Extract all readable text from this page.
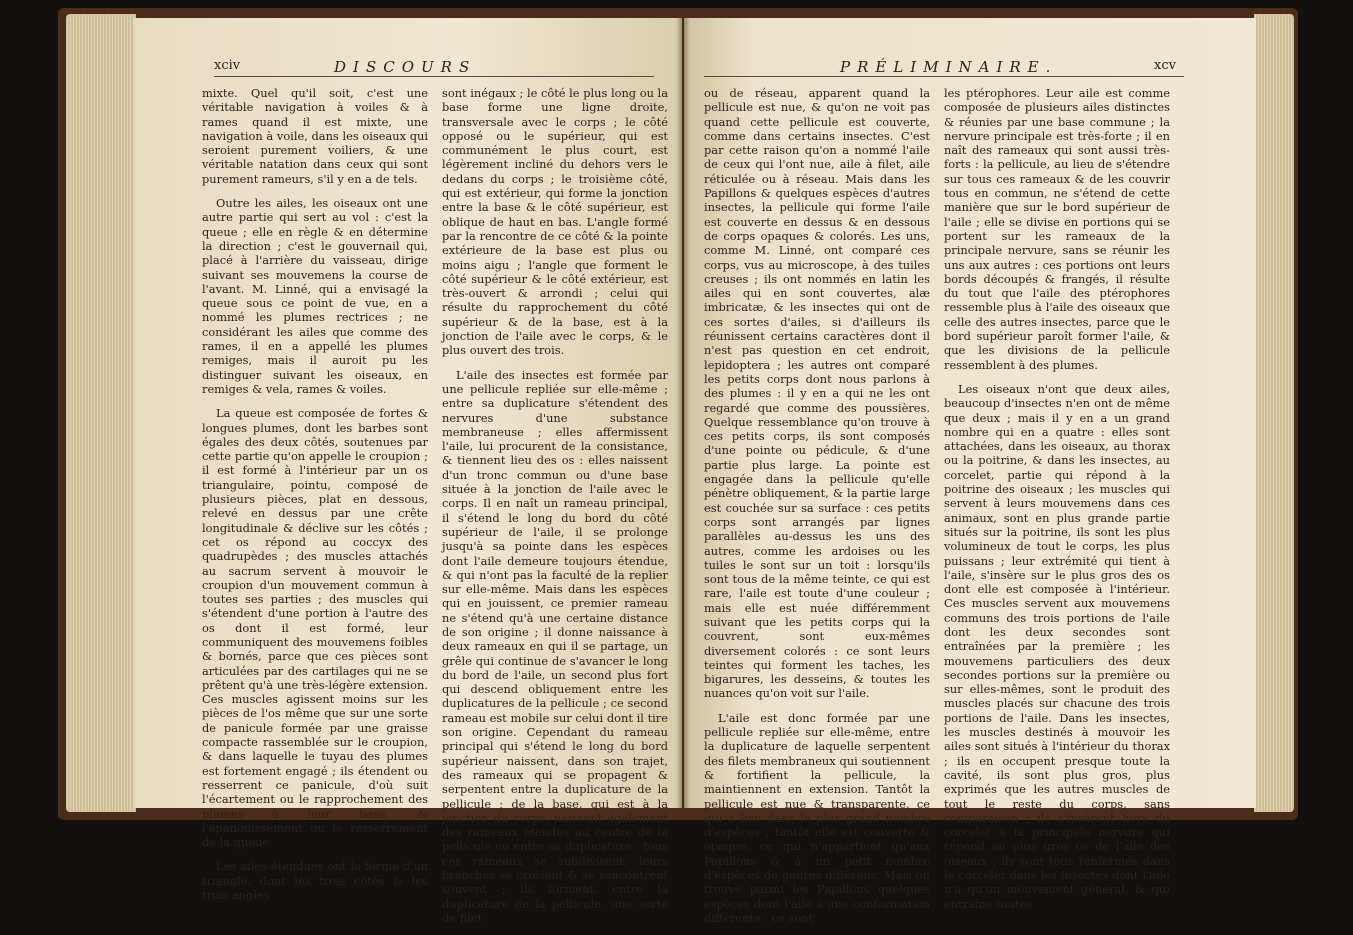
xciv	DISCOURS

mixte. Quel qu'il soit, c'est une véritable navigation à voiles & à rames quand il est mixte, une navigation à voile, dans les oiseaux qui seroient purement voiliers, & une véritable natation dans ceux qui sont purement rameurs, s'il y en a de tels.

Outre les ailes, les oiseaux ont une autre partie qui sert au vol : c'est la queue ; elle en règle & en détermine la direction ; c'est le gouvernail qui, placé à l'arrière du vaisseau, dirige suivant ses mouvemens la course de l'avant. M. Linné, qui a envisagé la queue sous ce point de vue, en a nommé les plumes rectrices ; ne considérant les ailes que comme des rames, il en a appellé les plumes remiges, mais il auroit pu les distinguer suivant les oiseaux, en remiges & vela, rames & voiles.

La queue est composée de fortes & longues plumes, dont les barbes sont égales des deux côtés, soutenues par cette partie qu'on appelle le croupion ; il est formé à l'intérieur par un os triangulaire, pointu, composé de plusieurs pièces, plat en dessous, relevé en dessus par une crête longitudinale & déclive sur les côtés ; cet os répond au coccyx des quadrupèdes ; des muscles attachés au sacrum servent à mouvoir le croupion d'un mouvement commun à toutes ses parties ; des muscles qui s'étendent d'une portion à l'autre des os dont il est formé, leur communiquent des mouvemens foibles & bornés, parce que ces pièces sont articulées par des cartilages qui ne se prêtent qu'à une très-légère extension. Ces muscles agissent moins sur les pièces de l'os même que sur une sorte de panicule formée par une graisse compacte rassemblée sur le croupion, & dans laquelle le tuyau des plumes est fortement engagé ; ils étendent ou resserrent ce panicule, d'où suit l'écartement ou le rapprochement des plumes à leur base, & l'épanouissement ou le resserrement de la queue.

Les ailes étendues ont la forme d'un triangle, dont les trois côtés & les trois angles

sont inégaux ; le côté le plus long ou la base forme une ligne droite, transversale avec le corps ; le côté opposé ou le supérieur, qui est communément le plus court, est légèrement incliné du dehors vers le dedans du corps ; le troisième côté, qui est extérieur, qui forme la jonction entre la base & le côté supérieur, est oblique de haut en bas. L'angle formé par la rencontre de ce côté & la pointe extérieure de la base est plus ou moins aigu ; l'angle que forment le côté supérieur & le côté extérieur, est très-ouvert & arrondi ; celui qui résulte du rapprochement du côté supérieur & de la base, est à la jonction de l'aile avec le corps, & le plus ouvert des trois.

L'aile des insectes est formée par une pellicule repliée sur elle-même ; entre sa duplicature s'étendent des nervures d'une substance membraneuse ; elles affermissent l'aile, lui procurent de la consistance, & tiennent lieu des os : elles naissent d'un tronc commun ou d'une base située à la jonction de l'aile avec le corps. Il en naît un rameau principal, il s'étend le long du bord du côté supérieur de l'aile, il se prolonge jusqu'à sa pointe dans les espèces dont l'aile demeure toujours étendue, & qui n'ont pas la faculté de la replier sur elle-même. Mais dans les espèces qui en jouissent, ce premier rameau ne s'étend qu'à une certaine distance de son origine ; il donne naissance à deux rameaux en qui il se partage, un grêle qui continue de s'avancer le long du bord de l'aile, un second plus fort qui descend obliquement entre les duplicatures de la pellicule ; ce second rameau est mobile sur celui dont il tire son origine. Cependant du rameau principal qui s'étend le long du bord supérieur naissent, dans son trajet, des rameaux qui se propagent & serpentent entre la duplicature de la pellicule ; de la base, qui est à la jonction du corps, naissent également des rameaux étendus au centre de la pellicule ou entre sa duplicature ; tous ces rameaux se subdivisent, leurs branches se croisent & se rencontrent souvent ; ils forment, entre la duplicature de la pellicule, une sorte de filet

PRÉLIMINAIRE.	xcv

ou de réseau, apparent quand la pellicule est nue, & qu'on ne voit pas quand cette pellicule est couverte, comme dans certains insectes. C'est par cette raison qu'on a nommé l'aile de ceux qui l'ont nue, aile à filet, aile réticulée ou à réseau. Mais dans les Papillons & quelques espèces d'autres insectes, la pellicule qui forme l'aile est couverte en dessus & en dessous de corps opaques & colorés. Les uns, comme M. Linné, ont comparé ces corps, vus au microscope, à des tuiles creuses ; ils ont nommés en latin les ailes qui en sont couvertes, alæ imbricatæ, & les insectes qui ont de ces sortes d'ailes, si d'ailleurs ils réunissent certains caractères dont il n'est pas question en cet endroit, lepidoptera ; les autres ont comparé les petits corps dont nous parlons à des plumes : il y en a qui ne les ont regardé que comme des poussières. Quelque ressemblance qu'on trouve à ces petits corps, ils sont composés d'une pointe ou pédicule, & d'une partie plus large. La pointe est engagée dans la pellicule qu'elle pénètre obliquement, & la partie large est couchée sur sa surface : ces petits corps sont arrangés par lignes parallèles au-dessus les uns des autres, comme les ardoises ou les tuiles le sont sur un toit : lorsqu'ils sont tous de la même teinte, ce qui est rare, l'aile est toute d'une couleur ; mais elle est nuée différemment suivant que les petits corps qui la couvrent, sont eux-mêmes diversement colorés : ce sont leurs teintes qui forment les taches, les bigarures, les desseins, & toutes les nuances qu'on voit sur l'aile.

L'aile est donc formée par une pellicule repliée sur elle-même, entre la duplicature de laquelle serpentent des filets membraneux qui soutiennent & fortifient la pellicule, la maintiennent en extension. Tantôt la pellicule est nue & transparente, ce qui a lieu dans le plus grand nombre d'espèces ; tantôt elle est couverte & opaque, ce qui n'appartient qu'aux Papillons & à un petit nombre d'espèces de genres différens. Mais on trouve parmi les Papillons quelques espèces dont l'aile a une conformation différente ; ce sont

les ptérophores. Leur aile est comme composée de plusieurs ailes distinctes & réunies par une base commune ; la nervure principale est très-forte ; il en naît des rameaux qui sont aussi très-forts : la pellicule, au lieu de s'étendre sur tous ces rameaux & de les couvrir tous en commun, ne s'étend de cette manière que sur le bord supérieur de l'aile ; elle se divise en portions qui se portent sur les rameaux de la principale nervure, sans se réunir les uns aux autres : ces portions ont leurs bords découpés & frangés, il résulte du tout que l'aile des ptérophores ressemble plus à l'aile des oiseaux que celle des autres insectes, parce que le bord supérieur paroît former l'aile, & que les divisions de la pellicule ressemblent à des plumes.

Les oiseaux n'ont que deux ailes, beaucoup d'insectes n'en ont de même que deux ; mais il y en a un grand nombre qui en a quatre : elles sont attachées, dans les oiseaux, au thorax ou la poitrine, & dans les insectes, au corcelet, partie qui répond à la poitrine des oiseaux ; les muscles qui servent à leurs mouvemens dans ces animaux, sont en plus grande partie situés sur la poitrine, ils sont les plus volumineux de tout le corps, les plus puissans ; leur extrémité qui tient à l'aile, s'insère sur le plus gros des os dont elle est composée à l'intérieur. Ces muscles servent aux mouvemens communs des trois portions de l'aile dont les deux secondes sont entraînées par la première ; les mouvemens particuliers des deux secondes portions sur la première ou sur elles-mêmes, sont le produit des muscles placés sur chacune des trois portions de l'aile. Dans les insectes, les muscles destinés à mouvoir les ailes sont situés à l'intérieur du thorax ; ils en occupent presque toute la cavité, ils sont plus gros, plus exprimés que les autres muscles de tout le reste du corps, sans comparaison ; ils s'insèrent hors du corcelet à la principale nervure qui répond au plus gros os de l'aile des oiseaux ; ils sont tous renfermés dans le corcelet dans les insectes dont l'aile n'a qu'un mouvement général, & qui entraîne toutes
